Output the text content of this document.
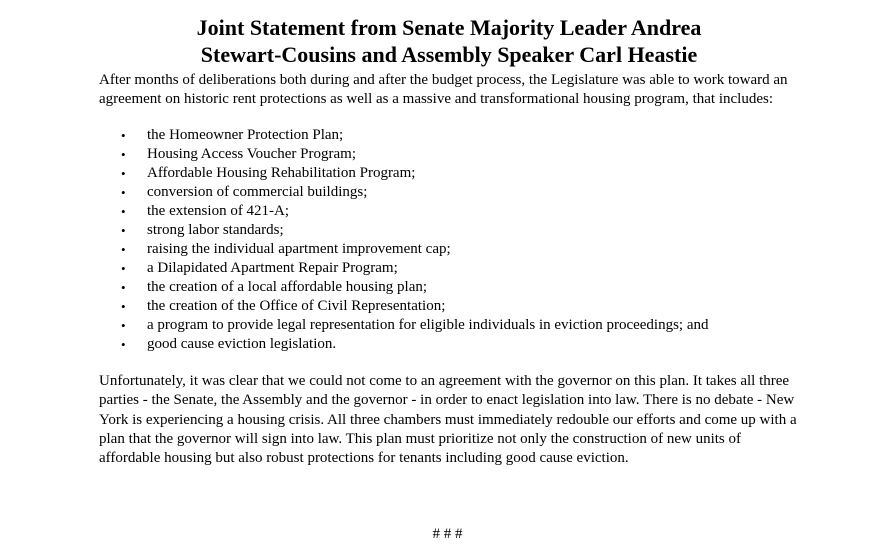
Joint Statement from Senate Majority Leader Andrea
Stewart-Cousins and Assembly Speaker Carl Heastie

After months of deliberations both during and after the budget process, the Legislature was able to work toward an agreement on historic rent protections as well as a massive and transformational housing program, that includes:

• the Homeowner Protection Plan;
• Housing Access Voucher Program;
• Affordable Housing Rehabilitation Program;
• conversion of commercial buildings;
• the extension of 421-A;
• strong labor standards;
• raising the individual apartment improvement cap;
• a Dilapidated Apartment Repair Program;
• the creation of a local affordable housing plan;
• the creation of the Office of Civil Representation;
• a program to provide legal representation for eligible individuals in eviction proceedings; and
• good cause eviction legislation.

Unfortunately, it was clear that we could not come to an agreement with the governor on this plan. It takes all three parties - the Senate, the Assembly and the governor - in order to enact legislation into law. There is no debate - New York is experiencing a housing crisis. All three chambers must immediately redouble our efforts and come up with a plan that the governor will sign into law. This plan must prioritize not only the construction of new units of affordable housing but also robust protections for tenants including good cause eviction.

# # #
